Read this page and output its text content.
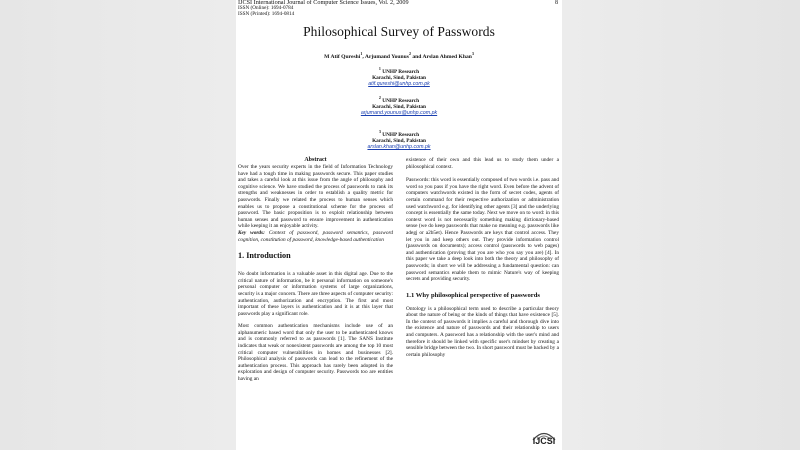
IJCSI International Journal of Computer Science Issues, Vol. 2, 2009	8
ISSN (Online): 1694-0784
ISSN (Printed): 1694-0814
Philosophical Survey of Passwords
M Atif Qureshi$^1$, Arjumand Younus$^2$ and Arslan Ahmed Khan$^3$
$^1$ UNHP Research
Karachi, Sind, Pakistan
atif.qureshi@unhp.com.pk
$^2$ UNHP Research
Karachi, Sind, Pakistan
arjumand.younus@unhp.com.pk
$^3$ UNHP Research
Karachi, Sind, Pakistan
arslan.khan@unhp.com.pk
Abstract

Over the years security experts in the field of Information Technology have had a tough time in making passwords secure. This paper studies and takes a careful look at this issue from the angle of philosophy and cognitive science. We have studied the process of passwords to rank its strengths and weaknesses in order to establish a quality metric for passwords. Finally we related the process to human senses which enables us to propose a constitutional scheme for the process of password. The basic proposition is to exploit relationship between human senses and password to ensure improvement in authentication while keeping it an enjoyable activity.

Key words: Context of password, password semantics, password cognition, constitution of password, knowledge-based authentication

1. Introduction

No doubt information is a valuable asset in this digital age. Due to the critical nature of information, be it personal information on someone's personal computer or information systems of large organizations, security is a major concern. There are three aspects of computer security: authentication, authorization and encryption. The first and most important of these layers is authentication and it is at this layer that passwords play a significant role.

Most common authentication mechanisms include use of an alphanumeric based word that only the user to be authenticated knows and is commonly referred to as passwords [1]. The SANS Institute indicates that weak or nonexistent passwords are among the top 10 most critical computer vulnerabilities in homes and businesses [2]. Philosophical analysis of passwords can lead to the refinement of the authentication process. This approach has rarely been adopted in the exploration and design of computer security. Passwords too are entities having an

existence of their own and this lead us to study them under a philosophical context.

Passwords: this word is essentially composed of two words i.e. pass and word so you pass if you have the right word. Even before the advent of computers watchwords existed in the form of secret codes, agents of certain command for their respective authorization or administration used watchword e.g. for identifying other agents [3] and the underlying concept is essentially the same today. Next we move on to word: in this context word is not necessarily something making dictionary-based sense (we do keep passwords that make no meaning e.g. passwords like adegj or a2b5et). Hence Passwords are keys that control access. They let you in and keep others out. They provide information control (passwords on documents); access control (passwords to web pages) and authentication (proving that you are who you say you are) [4]. In this paper we take a deep look into both the theory and philosophy of passwords; in short we will be addressing a fundamental question: can password semantics enable them to mimic Nature's way of keeping secrets and providing security.

1.1 Why philosophical perspective of passwords

Ontology is a philosophical term used to describe a particular theory about the nature of being or the kinds of things that have existence [5]. In the context of passwords it implies a careful and thorough dive into the existence and nature of passwords and their relationship to users and computers. A password has a relationship with the user's mind and therefore it should be linked with specific user's mindset by creating a sensible bridge between the two. In short password must be backed by a certain philosophy

IJCSI
